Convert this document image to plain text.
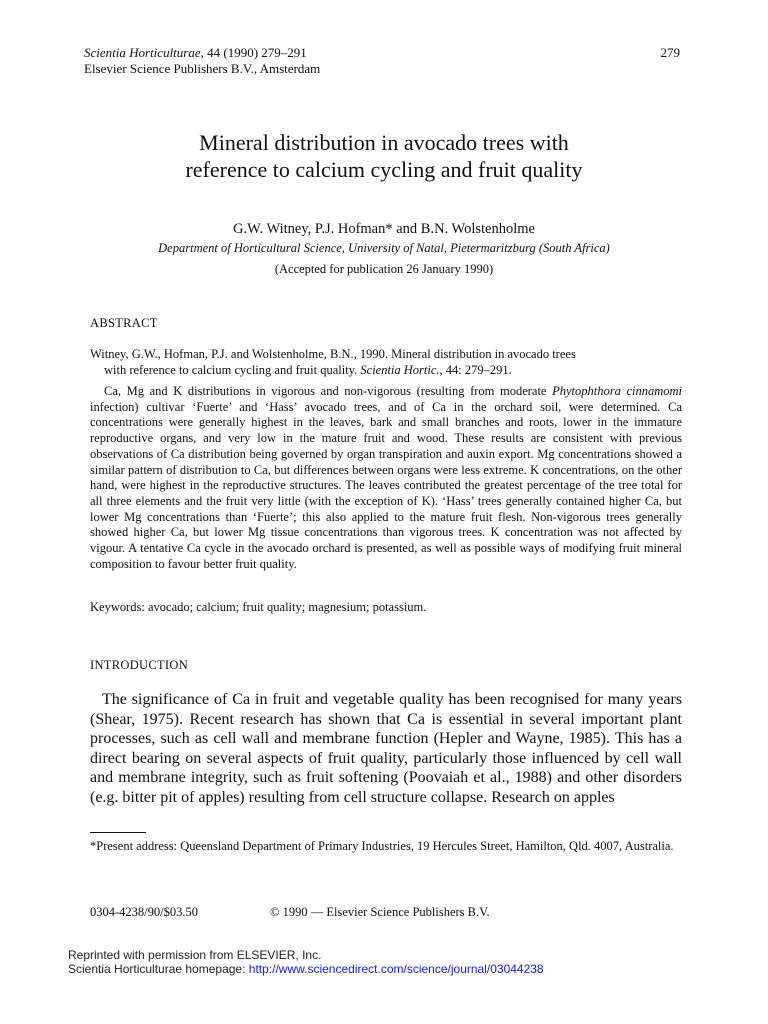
Scientia Horticulturae, 44 (1990) 279–291
Elsevier Science Publishers B.V., Amsterdam
279
Mineral distribution in avocado trees with
reference to calcium cycling and fruit quality
G.W. Witney, P.J. Hofman* and B.N. Wolstenholme
Department of Horticultural Science, University of Natal, Pietermaritzburg (South Africa)
(Accepted for publication 26 January 1990)
ABSTRACT
Witney, G.W., Hofman, P.J. and Wolstenholme, B.N., 1990. Mineral distribution in avocado trees
with reference to calcium cycling and fruit quality. Scientia Hortic., 44: 279–291.

Ca, Mg and K distributions in vigorous and non-vigorous (resulting from moderate Phytophthora cinnamomi infection) cultivar ‘Fuerte’ and ‘Hass’ avocado trees, and of Ca in the orchard soil, were determined. Ca concentrations were generally highest in the leaves, bark and small branches and roots, lower in the immature reproductive organs, and very low in the mature fruit and wood. These results are consistent with previous observations of Ca distribution being governed by organ transpiration and auxin export. Mg concentrations showed a similar pattern of distribution to Ca, but differences between organs were less extreme. K concentrations, on the other hand, were highest in the reproductive structures. The leaves contributed the greatest percentage of the tree total for all three elements and the fruit very little (with the exception of K). ‘Hass’ trees generally contained higher Ca, but lower Mg concentrations than ‘Fuerte’; this also applied to the mature fruit flesh. Non-vigorous trees generally showed higher Ca, but lower Mg tissue concentrations than vigorous trees. K concentration was not affected by vigour. A tentative Ca cycle in the avocado orchard is presented, as well as possible ways of modifying fruit mineral composition to favour better fruit quality.

Keywords: avocado; calcium; fruit quality; magnesium; potassium.
INTRODUCTION

The significance of Ca in fruit and vegetable quality has been recognised for many years (Shear, 1975). Recent research has shown that Ca is essential in several important plant processes, such as cell wall and membrane function (Hepler and Wayne, 1985). This has a direct bearing on several aspects of fruit quality, particularly those influenced by cell wall and membrane integrity, such as fruit softening (Poovaiah et al., 1988) and other disorders (e.g. bitter pit of apples) resulting from cell structure collapse. Research on apples

*Present address: Queensland Department of Primary Industries, 19 Hercules Street, Hamilton, Qld. 4007, Australia.
0304-4238/90/$03.50	© 1990 — Elsevier Science Publishers B.V.
Reprinted with permission from ELSEVIER, Inc.
Scientia Horticulturae homepage: http://www.sciencedirect.com/science/journal/03044238
